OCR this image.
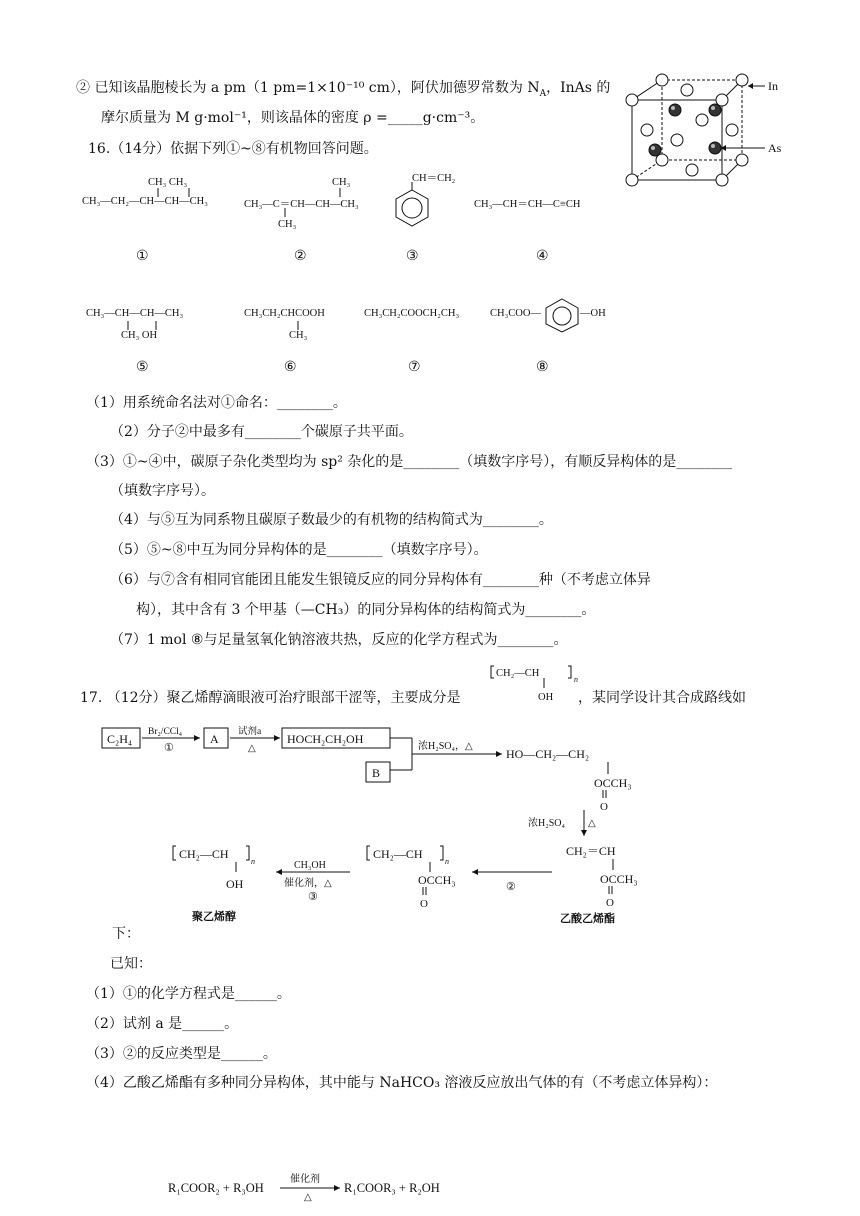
② 已知该晶胞棱长为 a pm（1 pm=1×10⁻¹⁰ cm），阿伏加德罗常数为 $N_A$，InAs 的
摩尔质量为 M g·mol⁻¹，则该晶体的密度 ρ =_____g·cm⁻³。
In
As
16.（14分）依据下列①~⑧有机物回答问题。
CH₃ CH₃
CH₃—CH₂—CH—CH—CH₃
①
CH₃
CH₃—C＝CH—CH—CH₃
CH₃
②
CH＝CH₂
③
CH₃—CH＝CH—C≡CH
④
CH₃—CH—CH—CH₃
CH₃ OH
⑤
CH₃CH₂CHCOOH
CH₃
⑥
CH₃CH₂COOCH₂CH₃
⑦
CH₃COO—	—OH
⑧
（1）用系统命名法对①命名：________。
（2）分子②中最多有________个碳原子共平面。
（3）①~④中，碳原子杂化类型均为 sp² 杂化的是________（填数字序号），有顺反异构体的是________
（填数字序号）。
（4）与⑤互为同系物且碳原子数最少的有机物的结构简式为________。
（5）⑤~⑧中互为同分异构体的是________（填数字序号）。
（6）与⑦含有相同官能团且能发生银镜反应的同分异构体有________种（不考虑立体异
构），其中含有 3 个甲基（—CH₃）的同分异构体的结构简式为________。
（7）1 mol ⑧与足量氢氧化钠溶液共热，反应的化学方程式为________。
17. （12分）聚乙烯醇滴眼液可治疗眼部干涩等，主要成分是	，某同学设计其合成路线如
CH₂—CH
n
OH
C₂H₄ Br₂/CCl₄
①
A 试剂a
△
HOCH₂CH₂OH
B
浓H₂SO₄，△
HO—CH₂—CH₂
OCCH₃
O
浓H₂SO₄ △
CH₂＝CH
OCCH₃
O
乙酸乙烯酯
②
CH₂—CH
n
OCCH₃
O
CH₃OH
催化剂，△
③
CH₂—CH
n
OH
聚乙烯醇
下：
已知：
（1）①的化学方程式是______。
（2）试剂 a 是______。
（3）②的反应类型是______。
（4）乙酸乙烯酯有多种同分异构体，其中能与 NaHCO₃ 溶液反应放出气体的有（不考虑立体异构）：
R₁COOR₂ + R₃OH
催化剂
△
R₁COOR₃ + R₂OH
